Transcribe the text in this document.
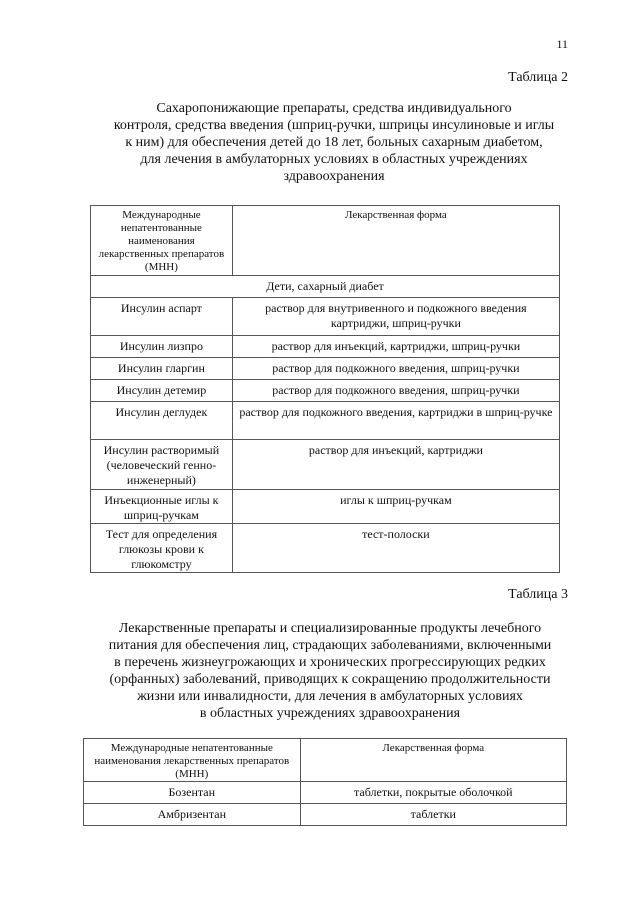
11
Таблица 2
Сахаропонижающие препараты, средства индивидуального
контроля, средства введения (шприц-ручки, шприцы инсулиновые и иглы
к ним) для обеспечения детей до 18 лет, больных сахарным диабетом,
для лечения в амбулаторных условиях в областных учреждениях
здравоохранения
Международные непатентованные наименования лекарственных препаратов (МНН)	Лекарственная форма
Дети, сахарный диабет	
Инсулин аспарт	раствор для внутривенного и подкожного введения картриджи, шприц-ручки
Инсулин лизпро	раствор для инъекций, картриджи, шприц-ручки
Инсулин гларгин	раствор для подкожного введения, шприц-ручки
Инсулин детемир	раствор для подкожного введения, шприц-ручки
Инсулин деглудек	раствор для подкожного введения, картриджи в шприц-ручке
Инсулин растворимый (человеческий генно-инженерный)	раствор для инъекций, картриджи
Инъекционные иглы к шприц-ручкам	иглы к шприц-ручкам
Тест для определения глюкозы крови к глюкомстру	тест-полоски
Таблица 3
Лекарственные препараты и специализированные продукты лечебного
питания для обеспечения лиц, страдающих заболеваниями, включенными
в перечень жизнеугрожающих и хронических прогрессирующих редких
(орфанных) заболеваний, приводящих к сокращению продолжительности
жизни или инвалидности, для лечения в амбулаторных условиях
в областных учреждениях здравоохранения
Международные непатентованные наименования лекарственных препаратов (МНН)	Лекарственная форма
Бозентан	таблетки, покрытые оболочкой
Амбризентан	таблетки
